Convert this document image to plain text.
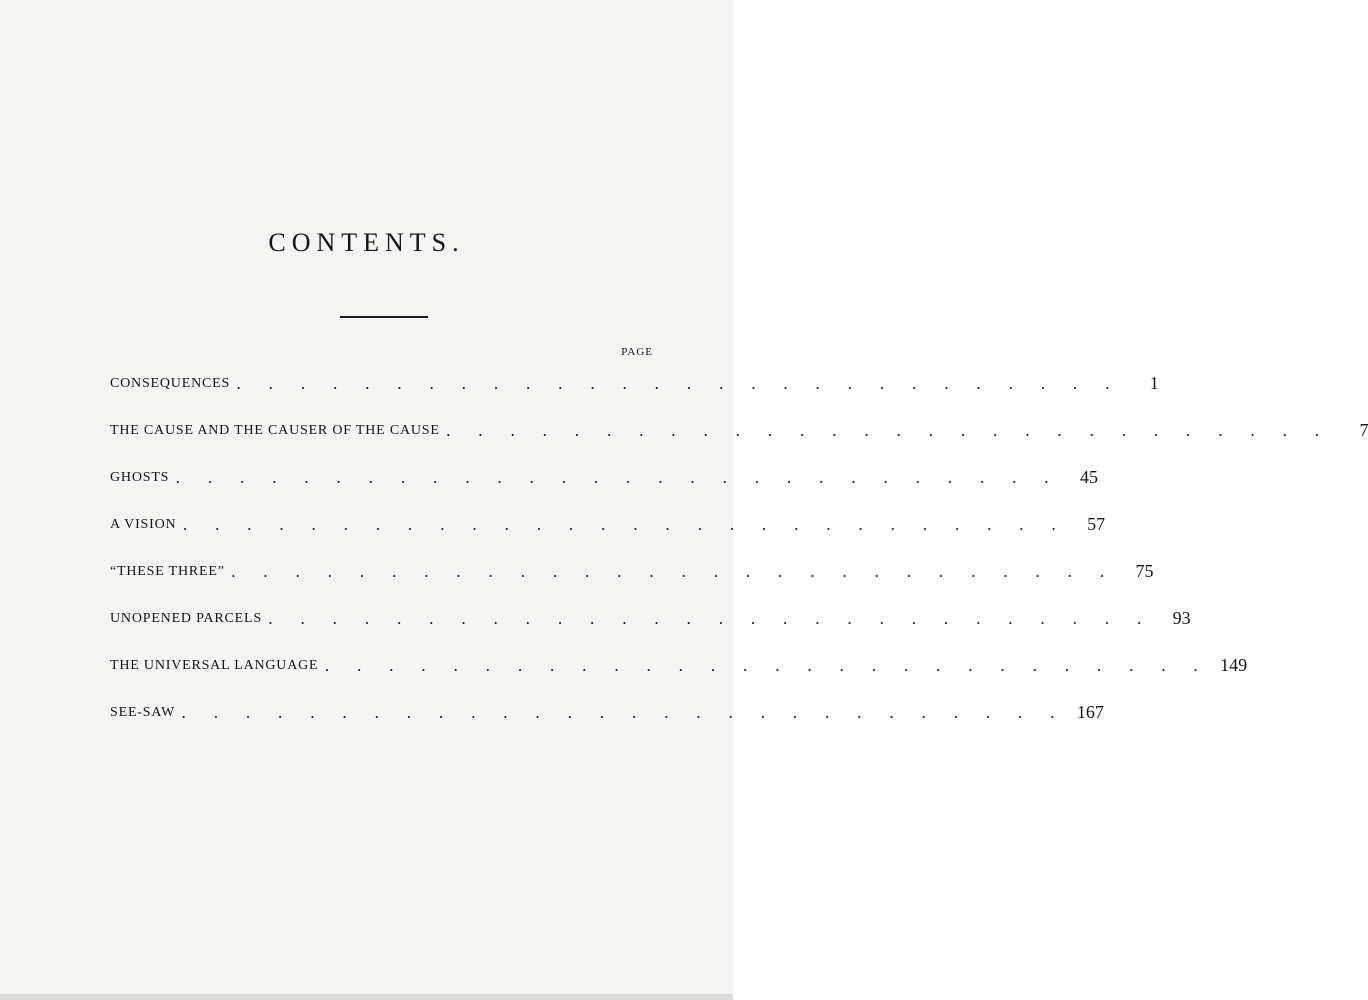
CONTENTS.
PAGE
CONSEQUENCES . . . . . . . . . . . . . . . . . . . . . . . . . . . .	1
THE CAUSE AND THE CAUSER OF THE CAUSE . . . . . . . . . . . . . . . . . . . . . . . . . . . .	7
GHOSTS . . . . . . . . . . . . . . . . . . . . . . . . . . . .	45
A VISION . . . . . . . . . . . . . . . . . . . . . . . . . . . .	57
“THESE THREE” . . . . . . . . . . . . . . . . . . . . . . . . . . . .	75
UNOPENED PARCELS . . . . . . . . . . . . . . . . . . . . . . . . . . . .	93
THE UNIVERSAL LANGUAGE . . . . . . . . . . . . . . . . . . . . . . . . . . . . 149
SEE-SAW . . . . . . . . . . . . . . . . . . . . . . . . . . . . 167
